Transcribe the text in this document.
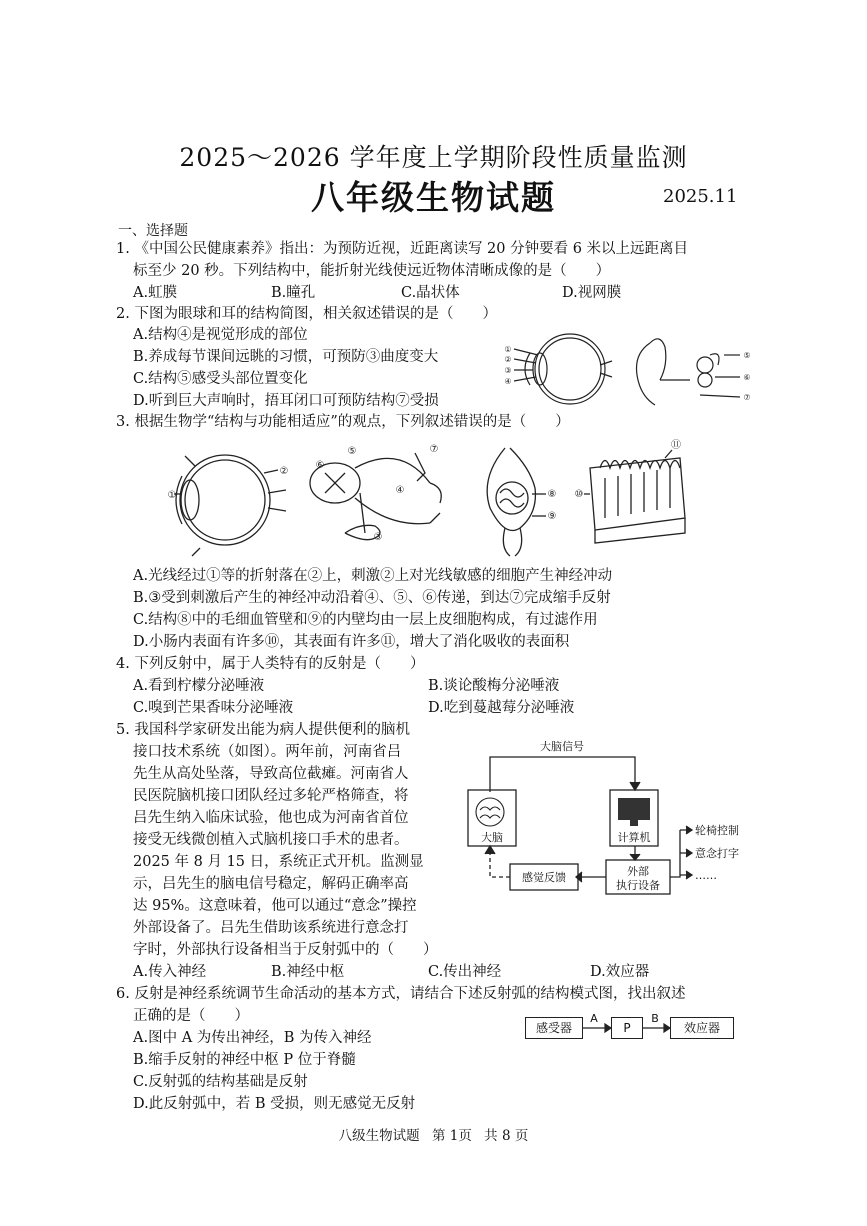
2025～2026 学年度上学期阶段性质量监测
八年级生物试题	2025.11
一、选择题
1. 《中国公民健康素养》指出：为预防近视，近距离读写 20 分钟要看 6 米以上远距离目
标至少 20 秒。下列结构中，能折射光线使远近物体清晰成像的是（　　）
A.虹膜	B.瞳孔	C.晶状体	D.视网膜
2. 下图为眼球和耳的结构简图，相关叙述错误的是（　　）
A.结构④是视觉形成的部位
B.养成每节课间远眺的习惯，可预防③曲度变大
C.结构⑤感受头部位置变化
D.听到巨大声响时，捂耳闭口可预防结构⑦受损
①
②
③
④
⑤
⑥
⑦
3. 根据生物学“结构与功能相适应”的观点，下列叙述错误的是（　　）
①
②
③
④
⑤
⑥
⑦
⑧
⑨
⑩
⑪
A.光线经过①等的折射落在②上，刺激②上对光线敏感的细胞产生神经冲动
B.③受到刺激后产生的神经冲动沿着④、⑤、⑥传递，到达⑦完成缩手反射
C.结构⑧中的毛细血管壁和⑨的内壁均由一层上皮细胞构成，有过滤作用
D.小肠内表面有许多⑩，其表面有许多⑪，增大了消化吸收的表面积
4. 下列反射中，属于人类特有的反射是（　　）
A.看到柠檬分泌唾液	B.谈论酸梅分泌唾液
C.嗅到芒果香味分泌唾液	D.吃到蔓越莓分泌唾液
5. 我国科学家研发出能为病人提供便利的脑机
接口技术系统（如图）。两年前，河南省吕
先生从高处坠落，导致高位截瘫。河南省人
民医院脑机接口团队经过多轮严格筛查，将
吕先生纳入临床试验，他也成为河南省首位
接受无线微创植入式脑机接口手术的患者。
2025 年 8 月 15 日，系统正式开机。监测显
示，吕先生的脑电信号稳定，解码正确率高
达 95%。这意味着，他可以通过“意念”操控
外部设备了。吕先生借助该系统进行意念打
字时，外部执行设备相当于反射弧中的（　　）
A.传入神经	B.神经中枢	C.传出神经	D.效应器
大脑信号
大脑	计算机
外部
执行设备
感觉反馈
轮椅控制
意念打字
……
6. 反射是神经系统调节生命活动的基本方式，请结合下述反射弧的结构模式图，找出叙述
正确的是（　　）
A.图中 A 为传出神经，B 为传入神经
B.缩手反射的神经中枢 P 位于脊髓
C.反射弧的结构基础是反射
D.此反射弧中，若 B 受损，则无感觉无反射
感受器	P	效应器
A	B
八级生物试题 第 1页 共 8 页
